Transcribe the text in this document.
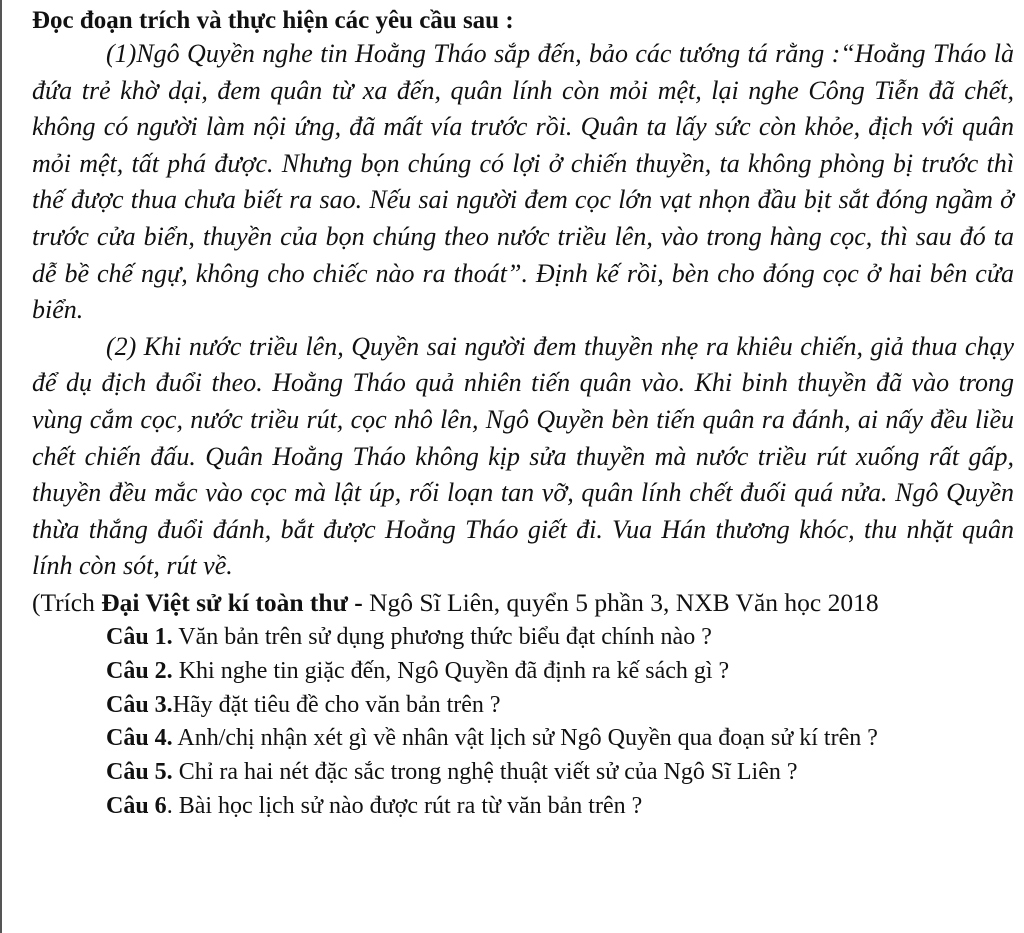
Đọc đoạn trích và thực hiện các yêu cầu sau :

(1)Ngô Quyền nghe tin Hoằng Tháo sắp đến, bảo các tướng tá rằng :“Hoằng Tháo là đứa trẻ khờ dại, đem quân từ xa đến, quân lính còn mỏi mệt, lại nghe Công Tiễn đã chết, không có người làm nội ứng, đã mất vía trước rồi. Quân ta lấy sức còn khỏe, địch với quân mỏi mệt, tất phá được. Nhưng bọn chúng có lợi ở chiến thuyền, ta không phòng bị trước thì thế được thua chưa biết ra sao. Nếu sai người đem cọc lớn vạt nhọn đầu bịt sắt đóng ngầm ở trước cửa biển, thuyền của bọn chúng theo nước triều lên, vào trong hàng cọc, thì sau đó ta dễ bề chế ngự, không cho chiếc nào ra thoát”. Định kế rồi, bèn cho đóng cọc ở hai bên cửa biển.

(2) Khi nước triều lên, Quyền sai người đem thuyền nhẹ ra khiêu chiến, giả thua chạy để dụ địch đuổi theo. Hoằng Tháo quả nhiên tiến quân vào. Khi binh thuyền đã vào trong vùng cắm cọc, nước triều rút, cọc nhô lên, Ngô Quyền bèn tiến quân ra đánh, ai nấy đều liều chết chiến đấu. Quân Hoằng Tháo không kịp sửa thuyền mà nước triều rút xuống rất gấp, thuyền đều mắc vào cọc mà lật úp, rối loạn tan vỡ, quân lính chết đuối quá nửa. Ngô Quyền thừa thắng đuổi đánh, bắt được Hoằng Tháo giết đi. Vua Hán thương khóc, thu nhặt quân lính còn sót, rút về.

(Trích Đại Việt sử kí toàn thư - Ngô Sĩ Liên, quyển 5 phần 3, NXB Văn học 2018

Câu 1. Văn bản trên sử dụng phương thức biểu đạt chính nào ?

Câu 2. Khi nghe tin giặc đến, Ngô Quyền đã định ra kế sách gì ?

Câu 3.Hãy đặt tiêu đề cho văn bản trên ?

Câu 4. Anh/chị nhận xét gì về nhân vật lịch sử Ngô Quyền qua đoạn sử kí trên ?

Câu 5. Chỉ ra hai nét đặc sắc trong nghệ thuật viết sử của Ngô Sĩ Liên ?

Câu 6. Bài học lịch sử nào được rút ra từ văn bản trên ?
